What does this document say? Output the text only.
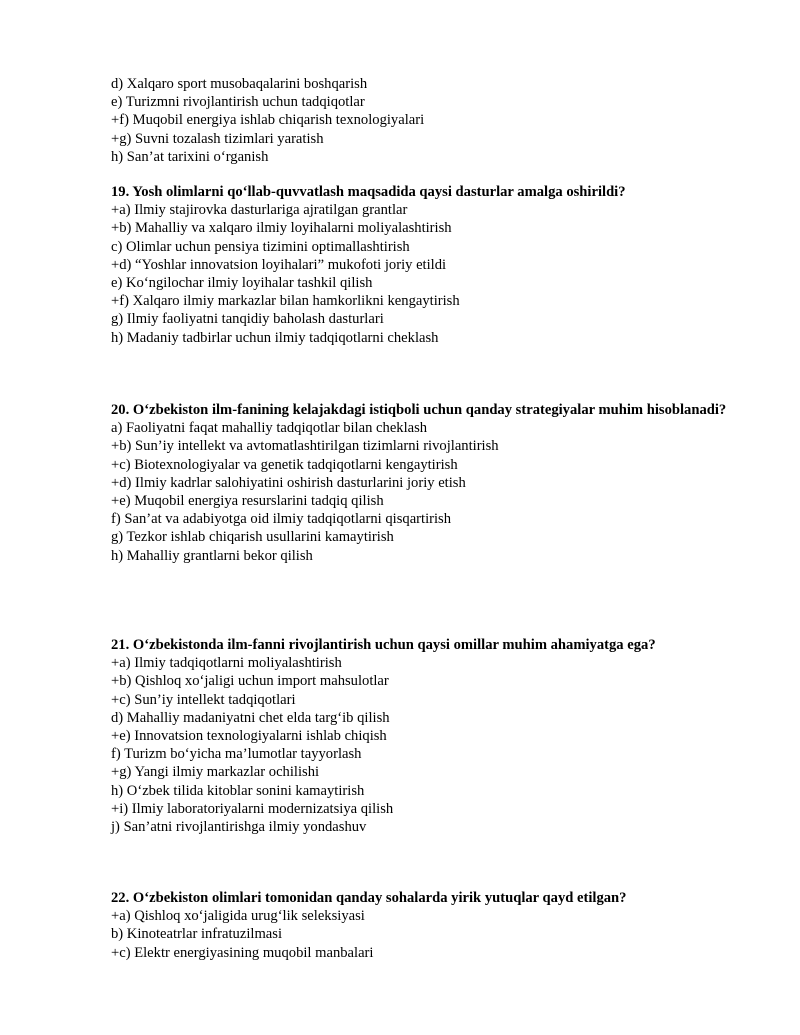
d) Xalqaro sport musobaqalarini boshqarish
e) Turizmni rivojlantirish uchun tadqiqotlar
+f) Muqobil energiya ishlab chiqarish texnologiyalari
+g) Suvni tozalash tizimlari yaratish
h) San’at tarixini o‘rganish
19. Yosh olimlarni qo‘llab-quvvatlash maqsadida qaysi dasturlar amalga oshirildi?
+a) Ilmiy stajirovka dasturlariga ajratilgan grantlar
+b) Mahalliy va xalqaro ilmiy loyihalarni moliyalashtirish
c) Olimlar uchun pensiya tizimini optimallashtirish
+d) “Yoshlar innovatsion loyihalari” mukofoti joriy etildi
e) Ko‘ngilochar ilmiy loyihalar tashkil qilish
+f) Xalqaro ilmiy markazlar bilan hamkorlikni kengaytirish
g) Ilmiy faoliyatni tanqidiy baholash dasturlari
h) Madaniy tadbirlar uchun ilmiy tadqiqotlarni cheklash
20. O‘zbekiston ilm-fanining kelajakdagi istiqboli uchun qanday strategiyalar muhim hisoblanadi?
a) Faoliyatni faqat mahalliy tadqiqotlar bilan cheklash
+b) Sun’iy intellekt va avtomatlashtirilgan tizimlarni rivojlantirish
+c) Biotexnologiyalar va genetik tadqiqotlarni kengaytirish
+d) Ilmiy kadrlar salohiyatini oshirish dasturlarini joriy etish
+e) Muqobil energiya resurslarini tadqiq qilish
f) San’at va adabiyotga oid ilmiy tadqiqotlarni qisqartirish
g) Tezkor ishlab chiqarish usullarini kamaytirish
h) Mahalliy grantlarni bekor qilish
21. O‘zbekistonda ilm-fanni rivojlantirish uchun qaysi omillar muhim ahamiyatga ega?
+a) Ilmiy tadqiqotlarni moliyalashtirish
+b) Qishloq xo‘jaligi uchun import mahsulotlar
+c) Sun’iy intellekt tadqiqotlari
d) Mahalliy madaniyatni chet elda targ‘ib qilish
+e) Innovatsion texnologiyalarni ishlab chiqish
f) Turizm bo‘yicha ma’lumotlar tayyorlash
+g) Yangi ilmiy markazlar ochilishi
h) O‘zbek tilida kitoblar sonini kamaytirish
+i) Ilmiy laboratoriyalarni modernizatsiya qilish
j) San’atni rivojlantirishga ilmiy yondashuv
22. O‘zbekiston olimlari tomonidan qanday sohalarda yirik yutuqlar qayd etilgan?
+a) Qishloq xo‘jaligida urug‘lik seleksiyasi
b) Kinoteatrlar infratuzilmasi
+c) Elektr energiyasining muqobil manbalari
